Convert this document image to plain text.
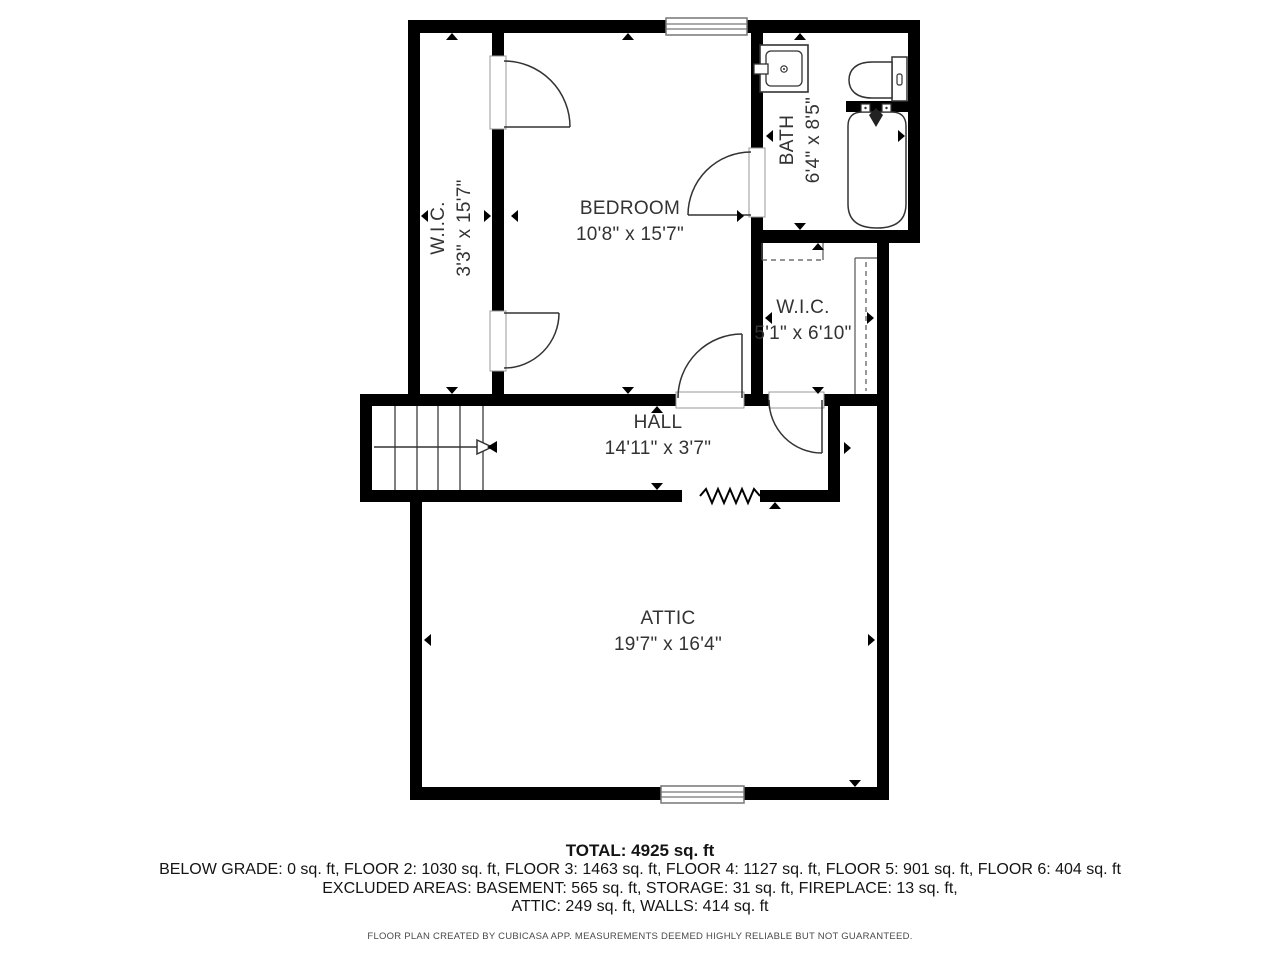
W.I.C. 3'3" x 15'7"	BEDROOM
10'8" x 15'7"
BATH 6'4" x 8'5"
W.I.C.
5'1" x 6'10"
HALL
14'11" x 3'7"
ATTIC
19'7" x 16'4"
TOTAL: 4925 sq. ft
BELOW GRADE: 0 sq. ft, FLOOR 2: 1030 sq. ft, FLOOR 3: 1463 sq. ft, FLOOR 4: 1127 sq. ft, FLOOR 5: 901 sq. ft, FLOOR 6: 404 sq. ft
EXCLUDED AREAS: BASEMENT: 565 sq. ft, STORAGE: 31 sq. ft, FIREPLACE: 13 sq. ft,
ATTIC: 249 sq. ft, WALLS: 414 sq. ft
FLOOR PLAN CREATED BY CUBICASA APP. MEASUREMENTS DEEMED HIGHLY RELIABLE BUT NOT GUARANTEED.
